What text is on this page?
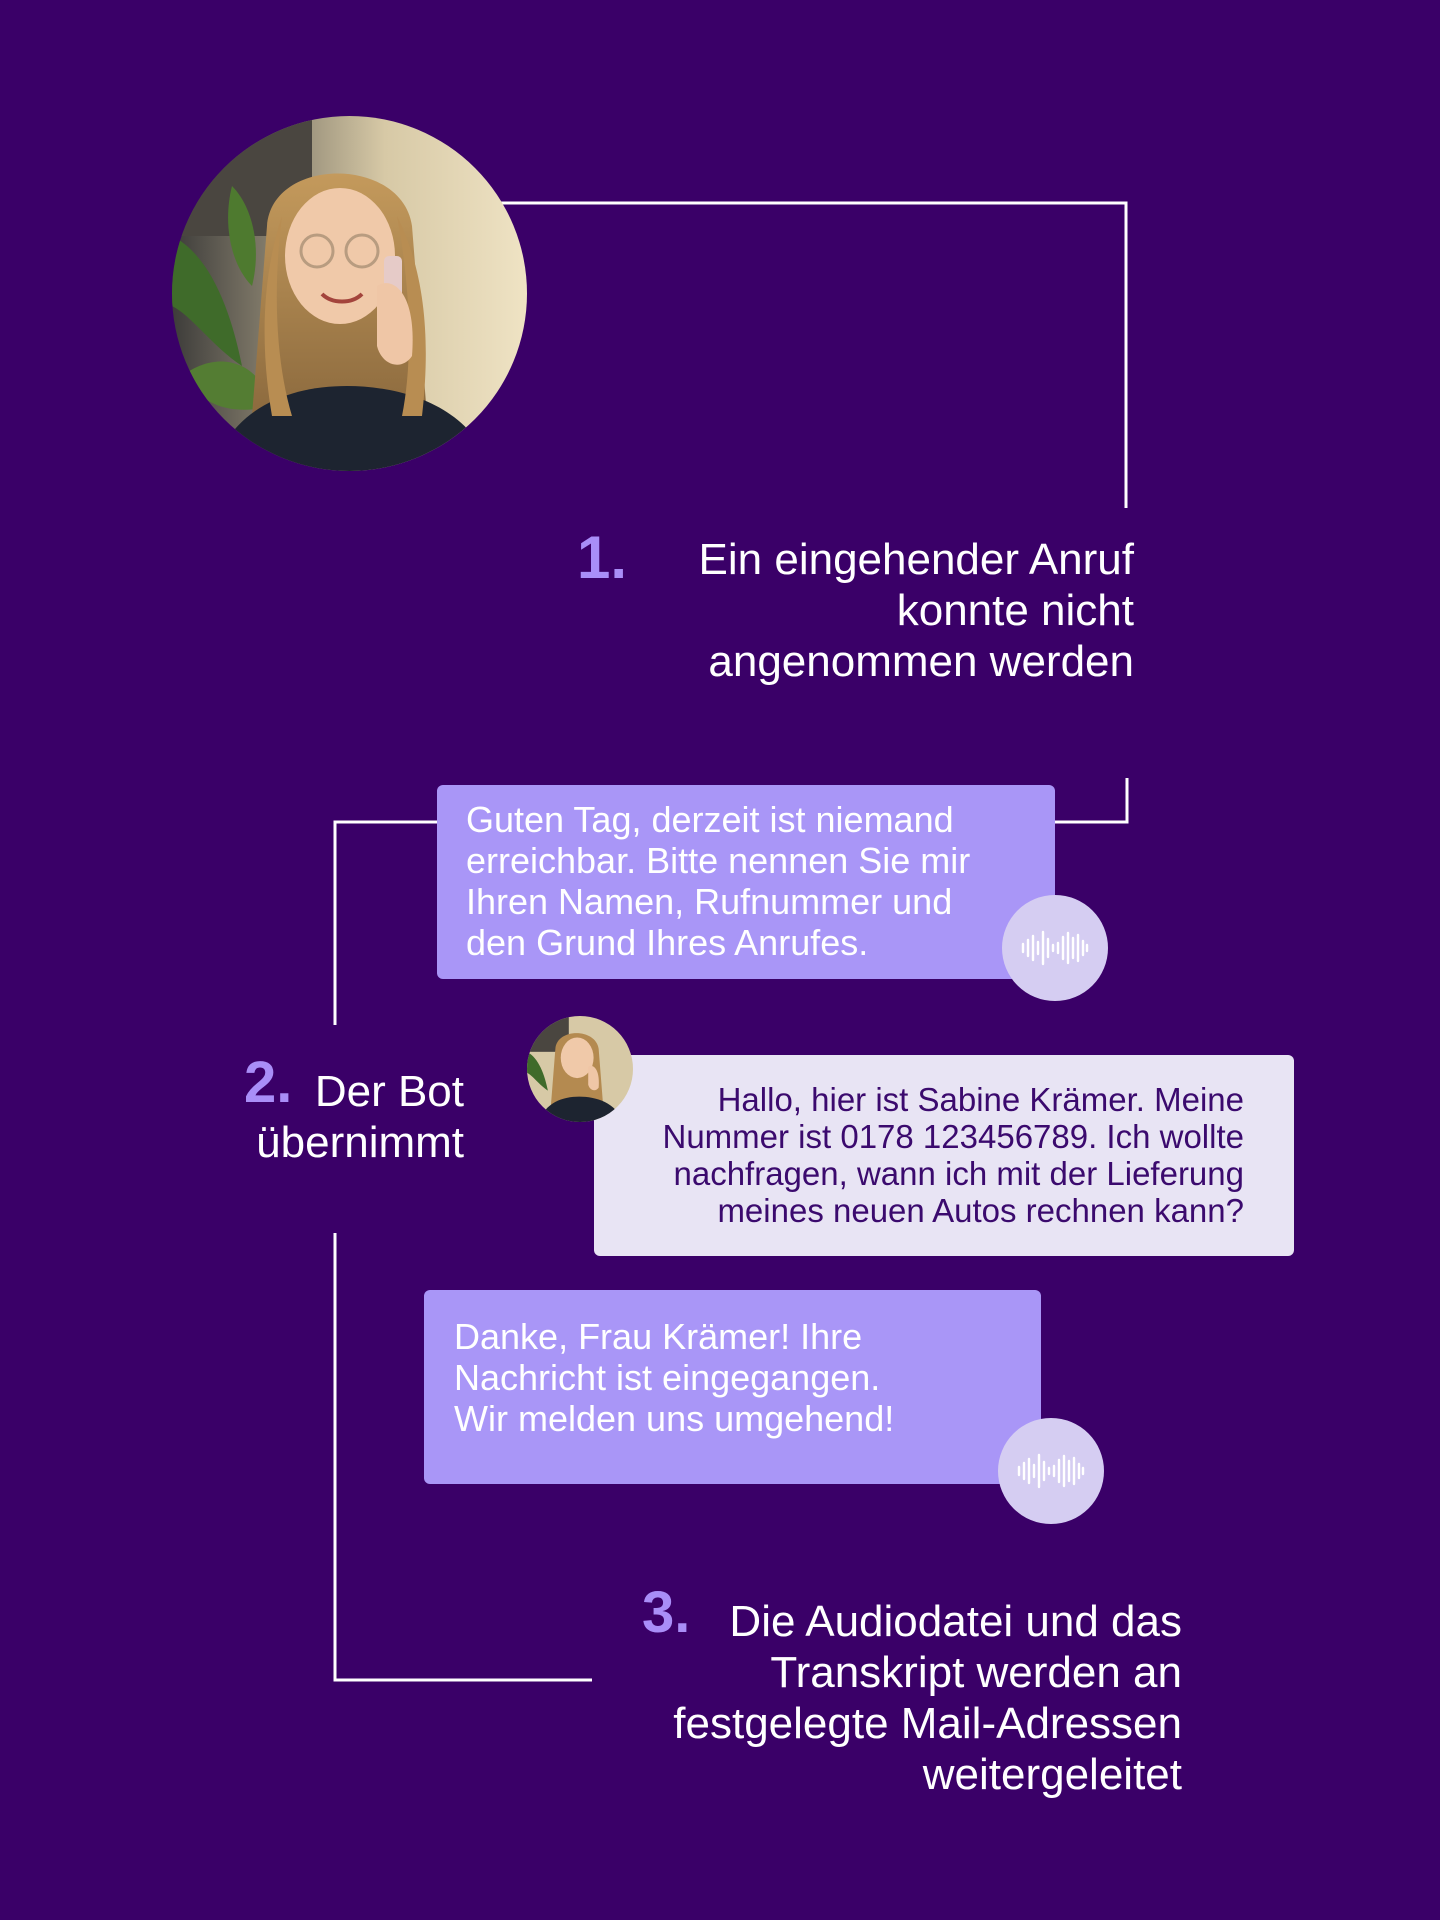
1.	Ein eingehender Anruf
konnte nicht
angenommen werden
Guten Tag, derzeit ist niemand
erreichbar. Bitte nennen Sie mir
Ihren Namen, Rufnummer und
den Grund Ihres Anrufes.
2. Der Bot
übernimmt
Hallo, hier ist Sabine Krämer. Meine
Nummer ist 0178 123456789. Ich wollte
nachfragen, wann ich mit der Lieferung
meines neuen Autos rechnen kann?
Danke, Frau Krämer! Ihre
Nachricht ist eingegangen.
Wir melden uns umgehend!
3. Die Audiodatei und das
Transkript werden an
festgelegte Mail-Adressen
weitergeleitet
